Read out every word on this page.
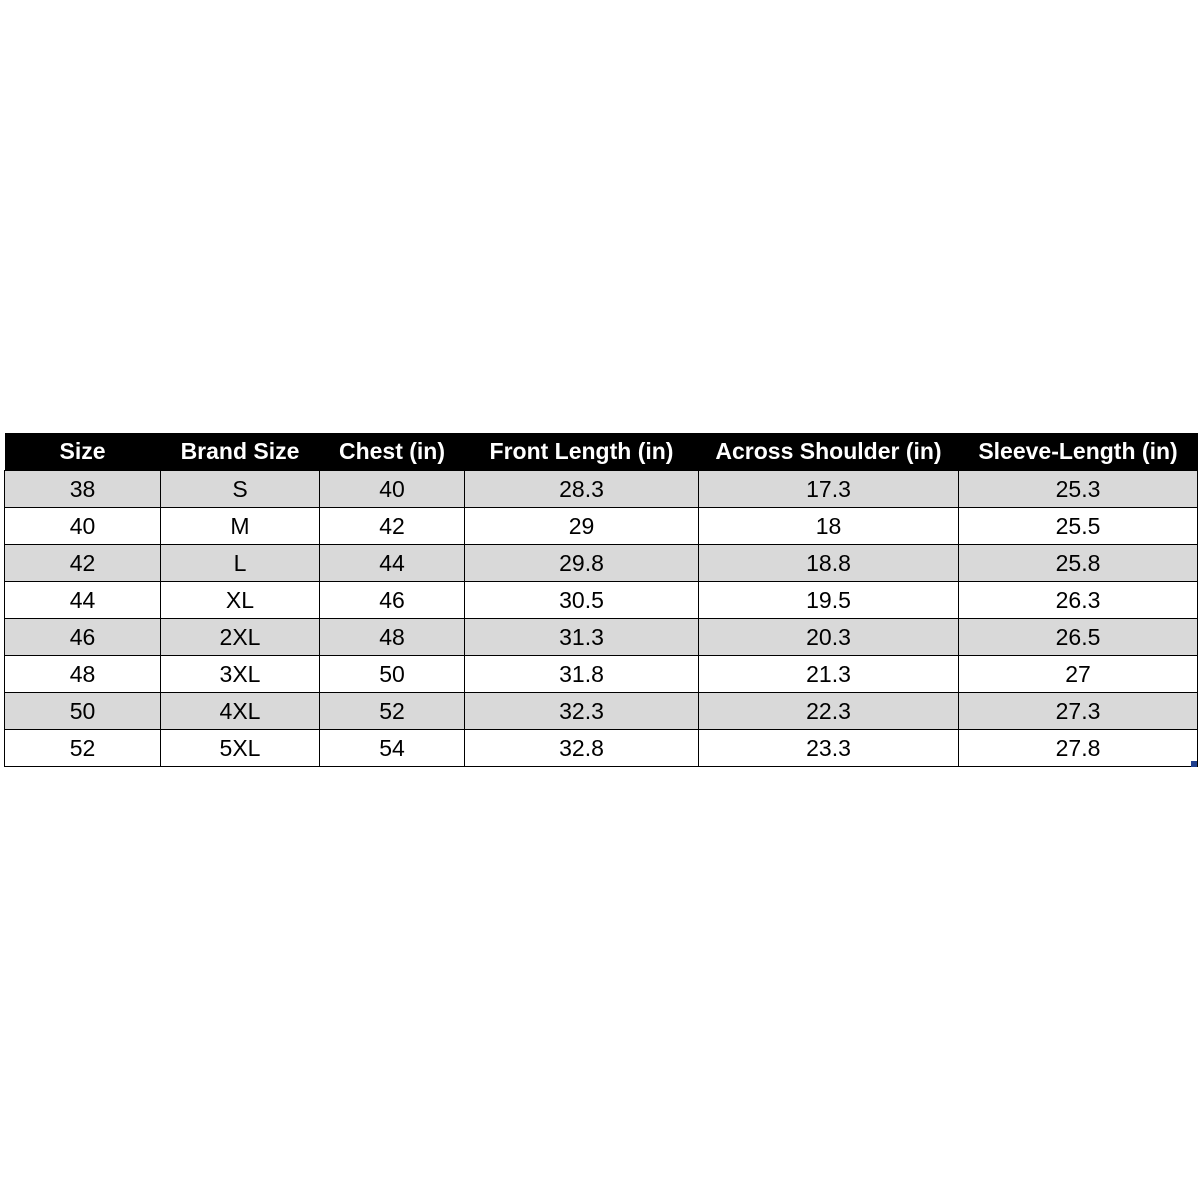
Size	Brand Size	Chest (in)	Front Length (in)	Across Shoulder (in)	Sleeve-Length (in)
38	S	40	28.3	17.3	25.3
40	M	42	29	18	25.5
42	L	44	29.8	18.8	25.8
44	XL	46	30.5	19.5	26.3
46	2XL	48	31.3	20.3	26.5
48	3XL	50	31.8	21.3	27
50	4XL	52	32.3	22.3	27.3
52	5XL	54	32.8	23.3	27.8
